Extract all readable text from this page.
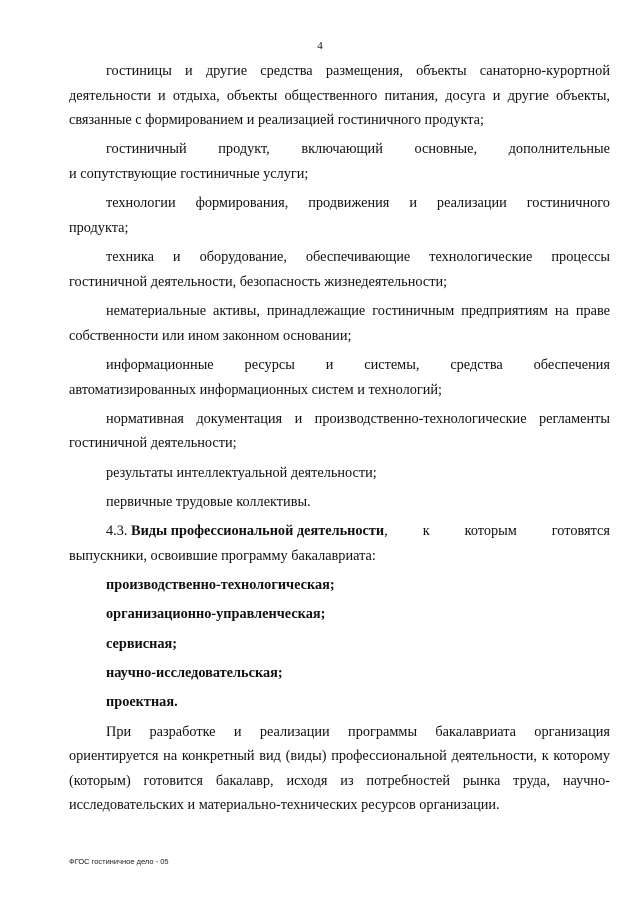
4

гостиницы и другие средства размещения, объекты санаторно-курортной деятельности и отдыха, объекты общественного питания, досуга и другие объекты, связанные с формированием и реализацией гостиничного продукта;

гостиничный продукт, включающий основные, дополнительные
и сопутствующие гостиничные услуги;
технологии формирования, продвижения и реализации гостиничного
продукта;

техника и оборудование, обеспечивающие технологические процессы гостиничной деятельности, безопасность жизнедеятельности;

нематериальные активы, принадлежащие гостиничным предприятиям на праве собственности или ином законном основании;

информационные ресурсы и системы, средства обеспечения
автоматизированных информационных систем и технологий;

нормативная документация и производственно-технологические регламенты гостиничной деятельности;

результаты интеллектуальной деятельности;

первичные трудовые коллективы.

4.3. Виды профессиональной деятельности, к которым готовятся
выпускники, освоившие программу бакалавриата:

производственно-технологическая;

организационно-управленческая;

сервисная;

научно-исследовательская;

проектная.

При разработке и реализации программы бакалавриата организация ориентируется на конкретный вид (виды) профессиональной деятельности, к которому (которым) готовится бакалавр, исходя из потребностей рынка труда, научно-исследовательских и материально-технических ресурсов организации.

ФГОС гостиничное дело - 05
